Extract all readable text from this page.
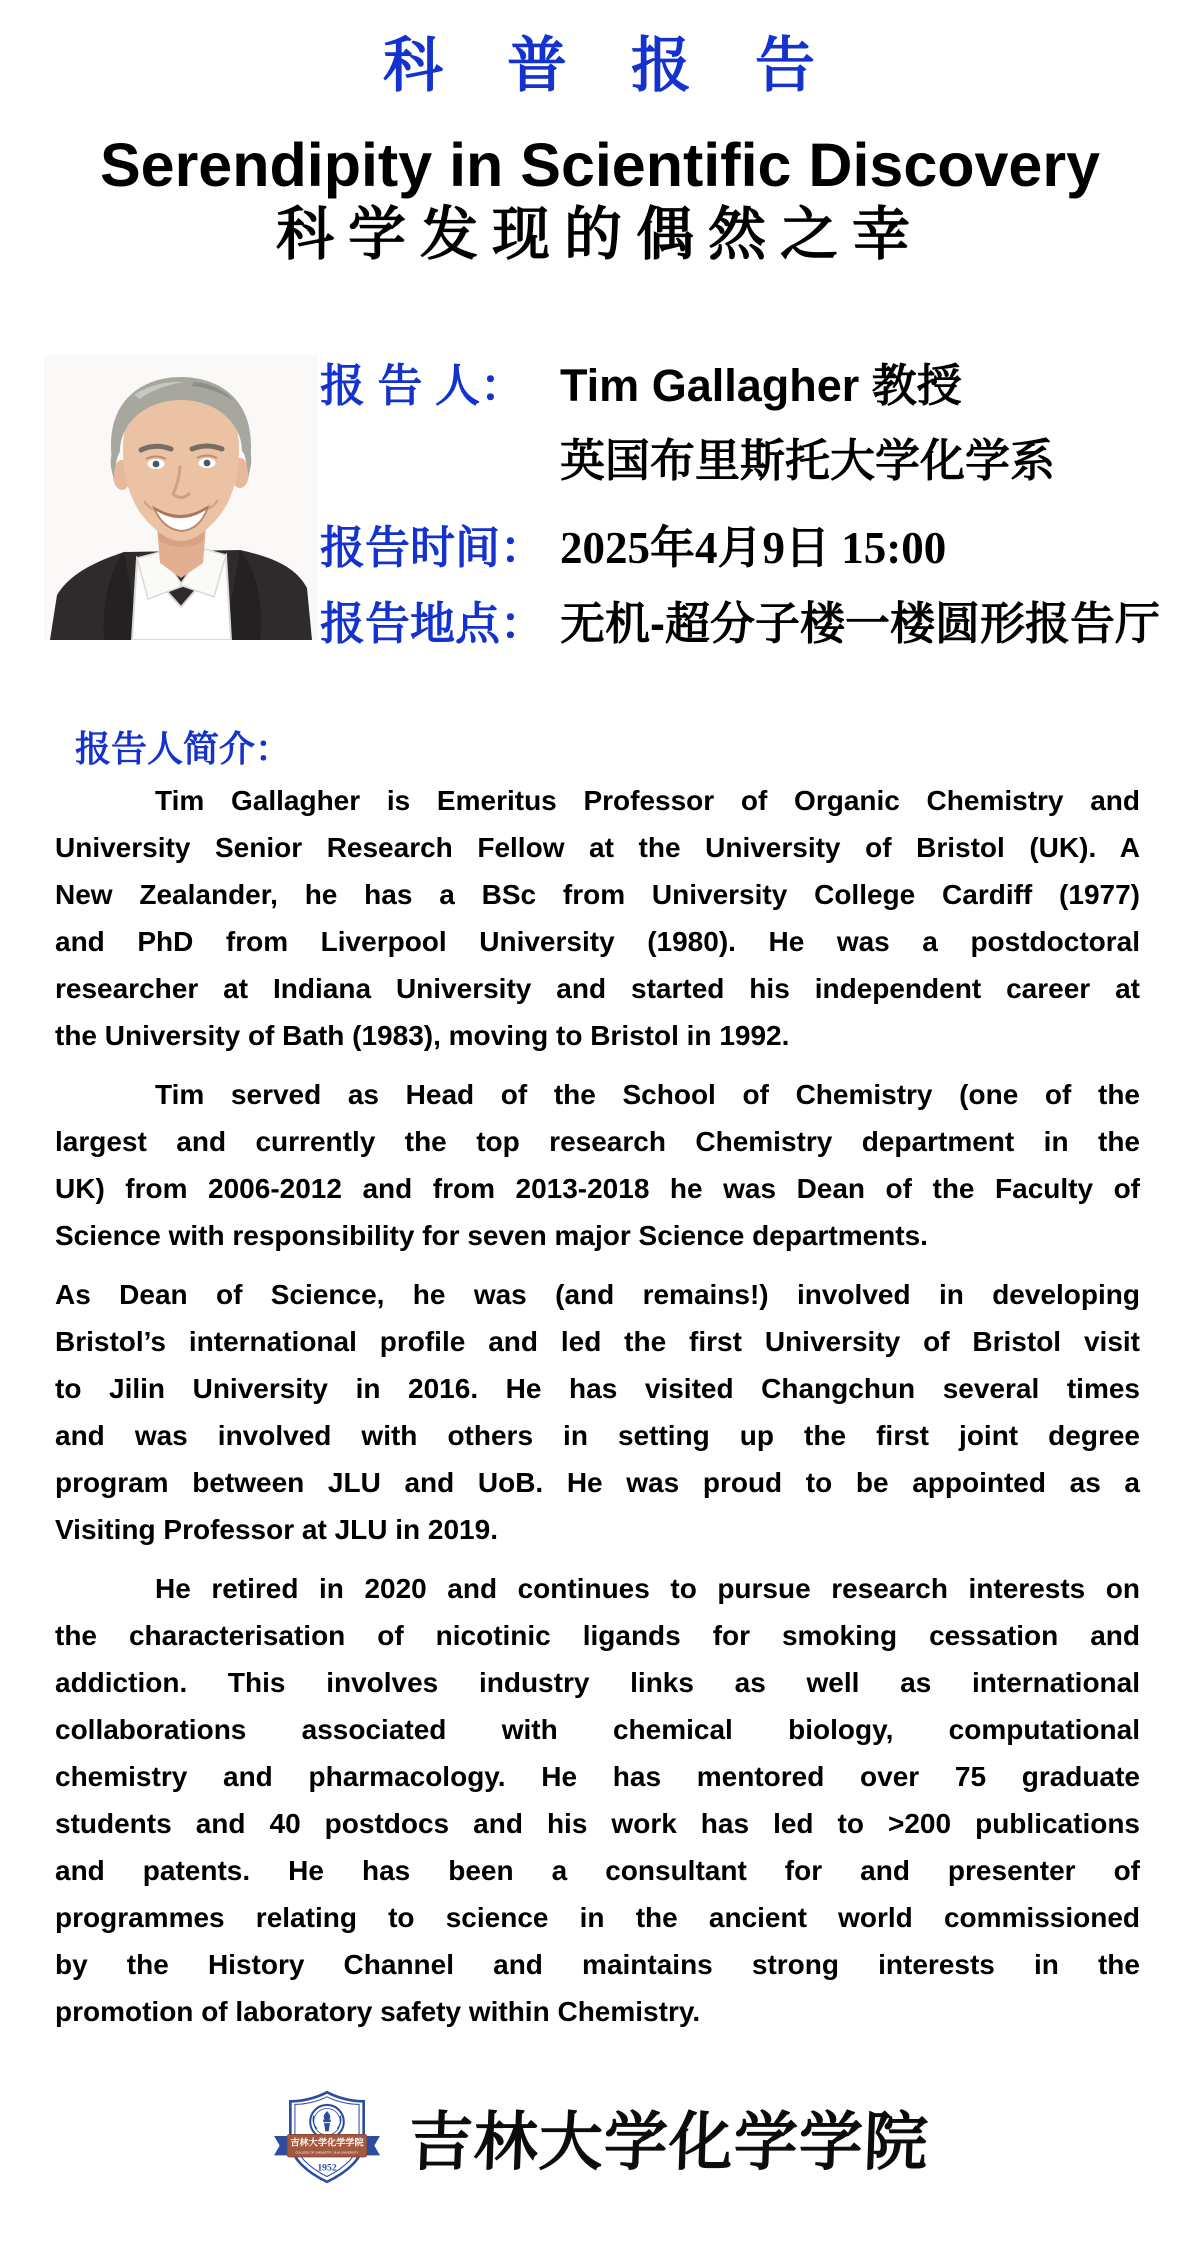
科　普　报　告
Serendipity in Scientific Discovery
科学发现的偶然之幸
报 告 人： Tim Gallagher 教授
英国布里斯托大学化学系
报告时间： 2025年4月9日 15:00
报告地点： 无机-超分子楼一楼圆形报告厅
报告人简介：
Tim Gallagher is Emeritus Professor of Organic Chemistry and
University Senior Research Fellow at the University of Bristol (UK). A
New Zealander, he has a BSc from University College Cardiff (1977)
and PhD from Liverpool University (1980). He was a postdoctoral
researcher at Indiana University and started his independent career at
the University of Bath (1983), moving to Bristol in 1992.
Tim served as Head of the School of Chemistry (one of the
largest and currently the top research Chemistry department in the
UK) from 2006-2012 and from 2013-2018 he was Dean of the Faculty of
Science with responsibility for seven major Science departments.
As Dean of Science, he was (and remains!) involved in developing
Bristol’s international profile and led the first University of Bristol visit
to Jilin University in 2016. He has visited Changchun several times
and was involved with others in setting up the first joint degree
program between JLU and UoB. He was proud to be appointed as a
Visiting Professor at JLU in 2019.
He retired in 2020 and continues to pursue research interests on
the characterisation of nicotinic ligands for smoking cessation and
addiction. This involves industry links as well as international
collaborations associated with chemical biology, computational
chemistry and pharmacology. He has mentored over 75 graduate
students and 40 postdocs and his work has led to >200 publications
and patents. He has been a consultant for and presenter of
programmes relating to science in the ancient world commissioned
by the History Channel and maintains strong interests in the
promotion of laboratory safety within Chemistry.
吉林大学化学学院
COLLEGE OF CHEMISTRY JILIN UNIVERSITY
1952 吉林大学化学学院
